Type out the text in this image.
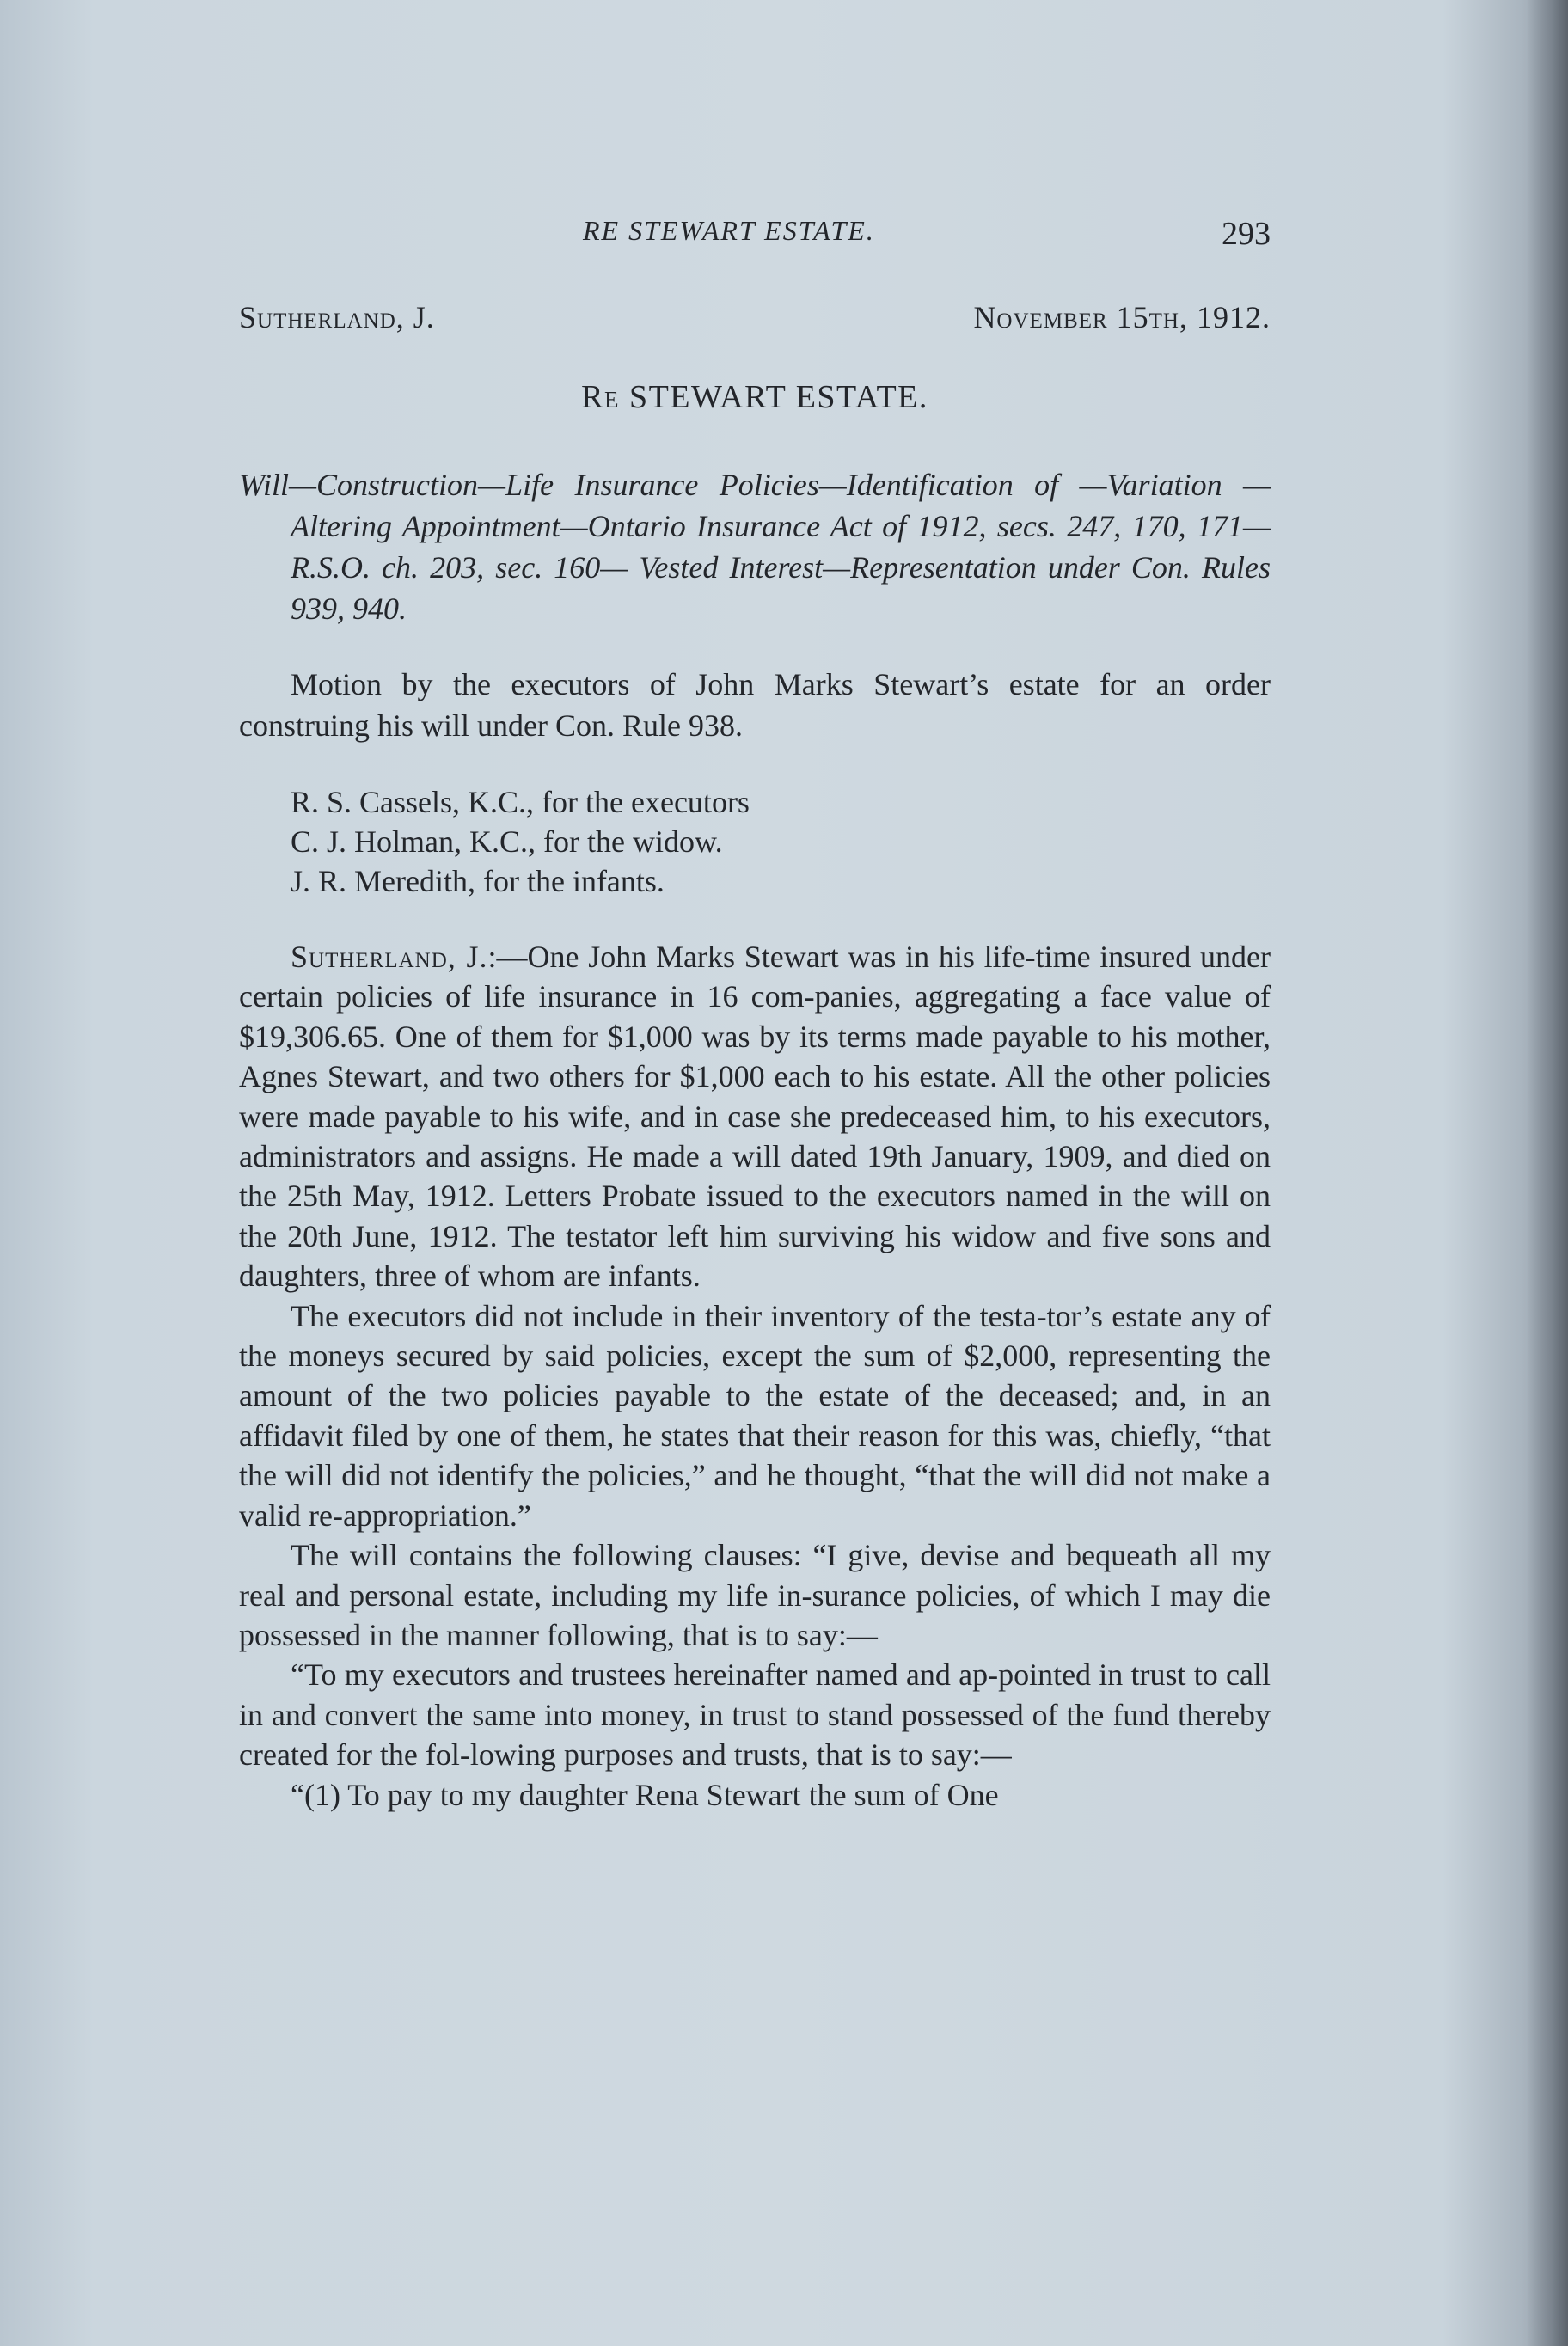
RE STEWART ESTATE.	293
Sutherland, J.	November 15th, 1912.
Re STEWART ESTATE.

Will—Construction—Life Insurance Policies—Identification of —Variation — Altering Appointment—Ontario Insurance Act of 1912, secs. 247, 170, 171—R.S.O. ch. 203, sec. 160— Vested Interest—Representation under Con. Rules 939, 940.

Motion by the executors of John Marks Stewart’s estate for an order construing his will under Con. Rule 938.

R. S. Cassels, K.C., for the executors
C. J. Holman, K.C., for the widow.
J. R. Meredith, for the infants.

Sutherland, J.:—One John Marks Stewart was in his life-time insured under certain policies of life insurance in 16 com-panies, aggregating a face value of $19,306.65. One of them for $1,000 was by its terms made payable to his mother, Agnes Stewart, and two others for $1,000 each to his estate. All the other policies were made payable to his wife, and in case she predeceased him, to his executors, administrators and assigns. He made a will dated 19th January, 1909, and died on the 25th May, 1912. Letters Probate issued to the executors named in the will on the 20th June, 1912. The testator left him surviving his widow and five sons and daughters, three of whom are infants.

The executors did not include in their inventory of the testa-tor’s estate any of the moneys secured by said policies, except the sum of $2,000, representing the amount of the two policies payable to the estate of the deceased; and, in an affidavit filed by one of them, he states that their reason for this was, chiefly, “that the will did not identify the policies,” and he thought, “that the will did not make a valid re-appropriation.”

The will contains the following clauses: “I give, devise and bequeath all my real and personal estate, including my life in-surance policies, of which I may die possessed in the manner following, that is to say:—

“To my executors and trustees hereinafter named and ap-pointed in trust to call in and convert the same into money, in trust to stand possessed of the fund thereby created for the fol-lowing purposes and trusts, that is to say:—

“(1) To pay to my daughter Rena Stewart the sum of One
